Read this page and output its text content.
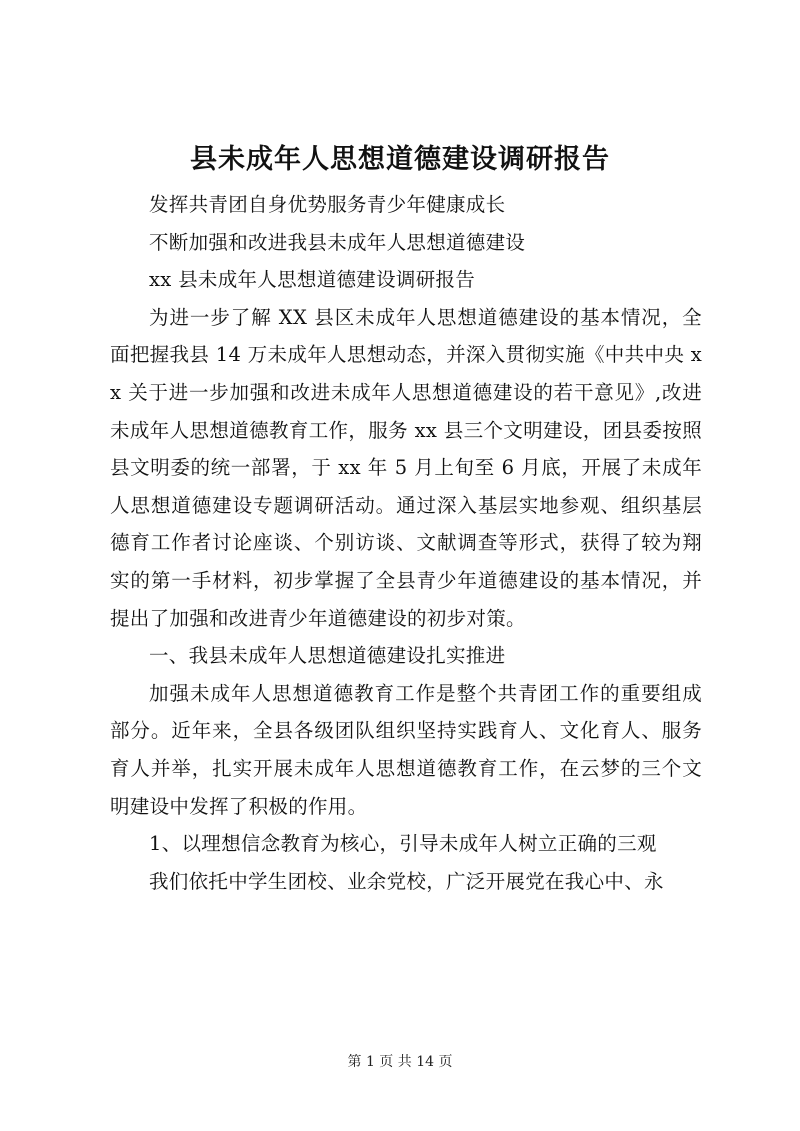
县未成年人思想道德建设调研报告

发挥共青团自身优势服务青少年健康成长

不断加强和改进我县未成年人思想道德建设

xx 县未成年人思想道德建设调研报告

为进一步了解 XX 县区未成年人思想道德建设的基本情况，全面把握我县 14 万未成年人思想动态，并深入贯彻实施《中共中央 xx 关于进一步加强和改进未成年人思想道德建设的若干意见》,改进未成年人思想道德教育工作，服务 xx 县三个文明建设，团县委按照县文明委的统一部署，于 xx 年 5 月上旬至 6 月底，开展了未成年人思想道德建设专题调研活动。通过深入基层实地参观、组织基层德育工作者讨论座谈、个别访谈、文献调查等形式，获得了较为翔实的第一手材料，初步掌握了全县青少年道德建设的基本情况，并提出了加强和改进青少年道德建设的初步对策。

一、我县未成年人思想道德建设扎实推进

加强未成年人思想道德教育工作是整个共青团工作的重要组成部分。近年来，全县各级团队组织坚持实践育人、文化育人、服务育人并举，扎实开展未成年人思想道德教育工作，在云梦的三个文明建设中发挥了积极的作用。

1、以理想信念教育为核心，引导未成年人树立正确的三观

我们依托中学生团校、业余党校，广泛开展党在我心中、永

第 1 页 共 14 页
